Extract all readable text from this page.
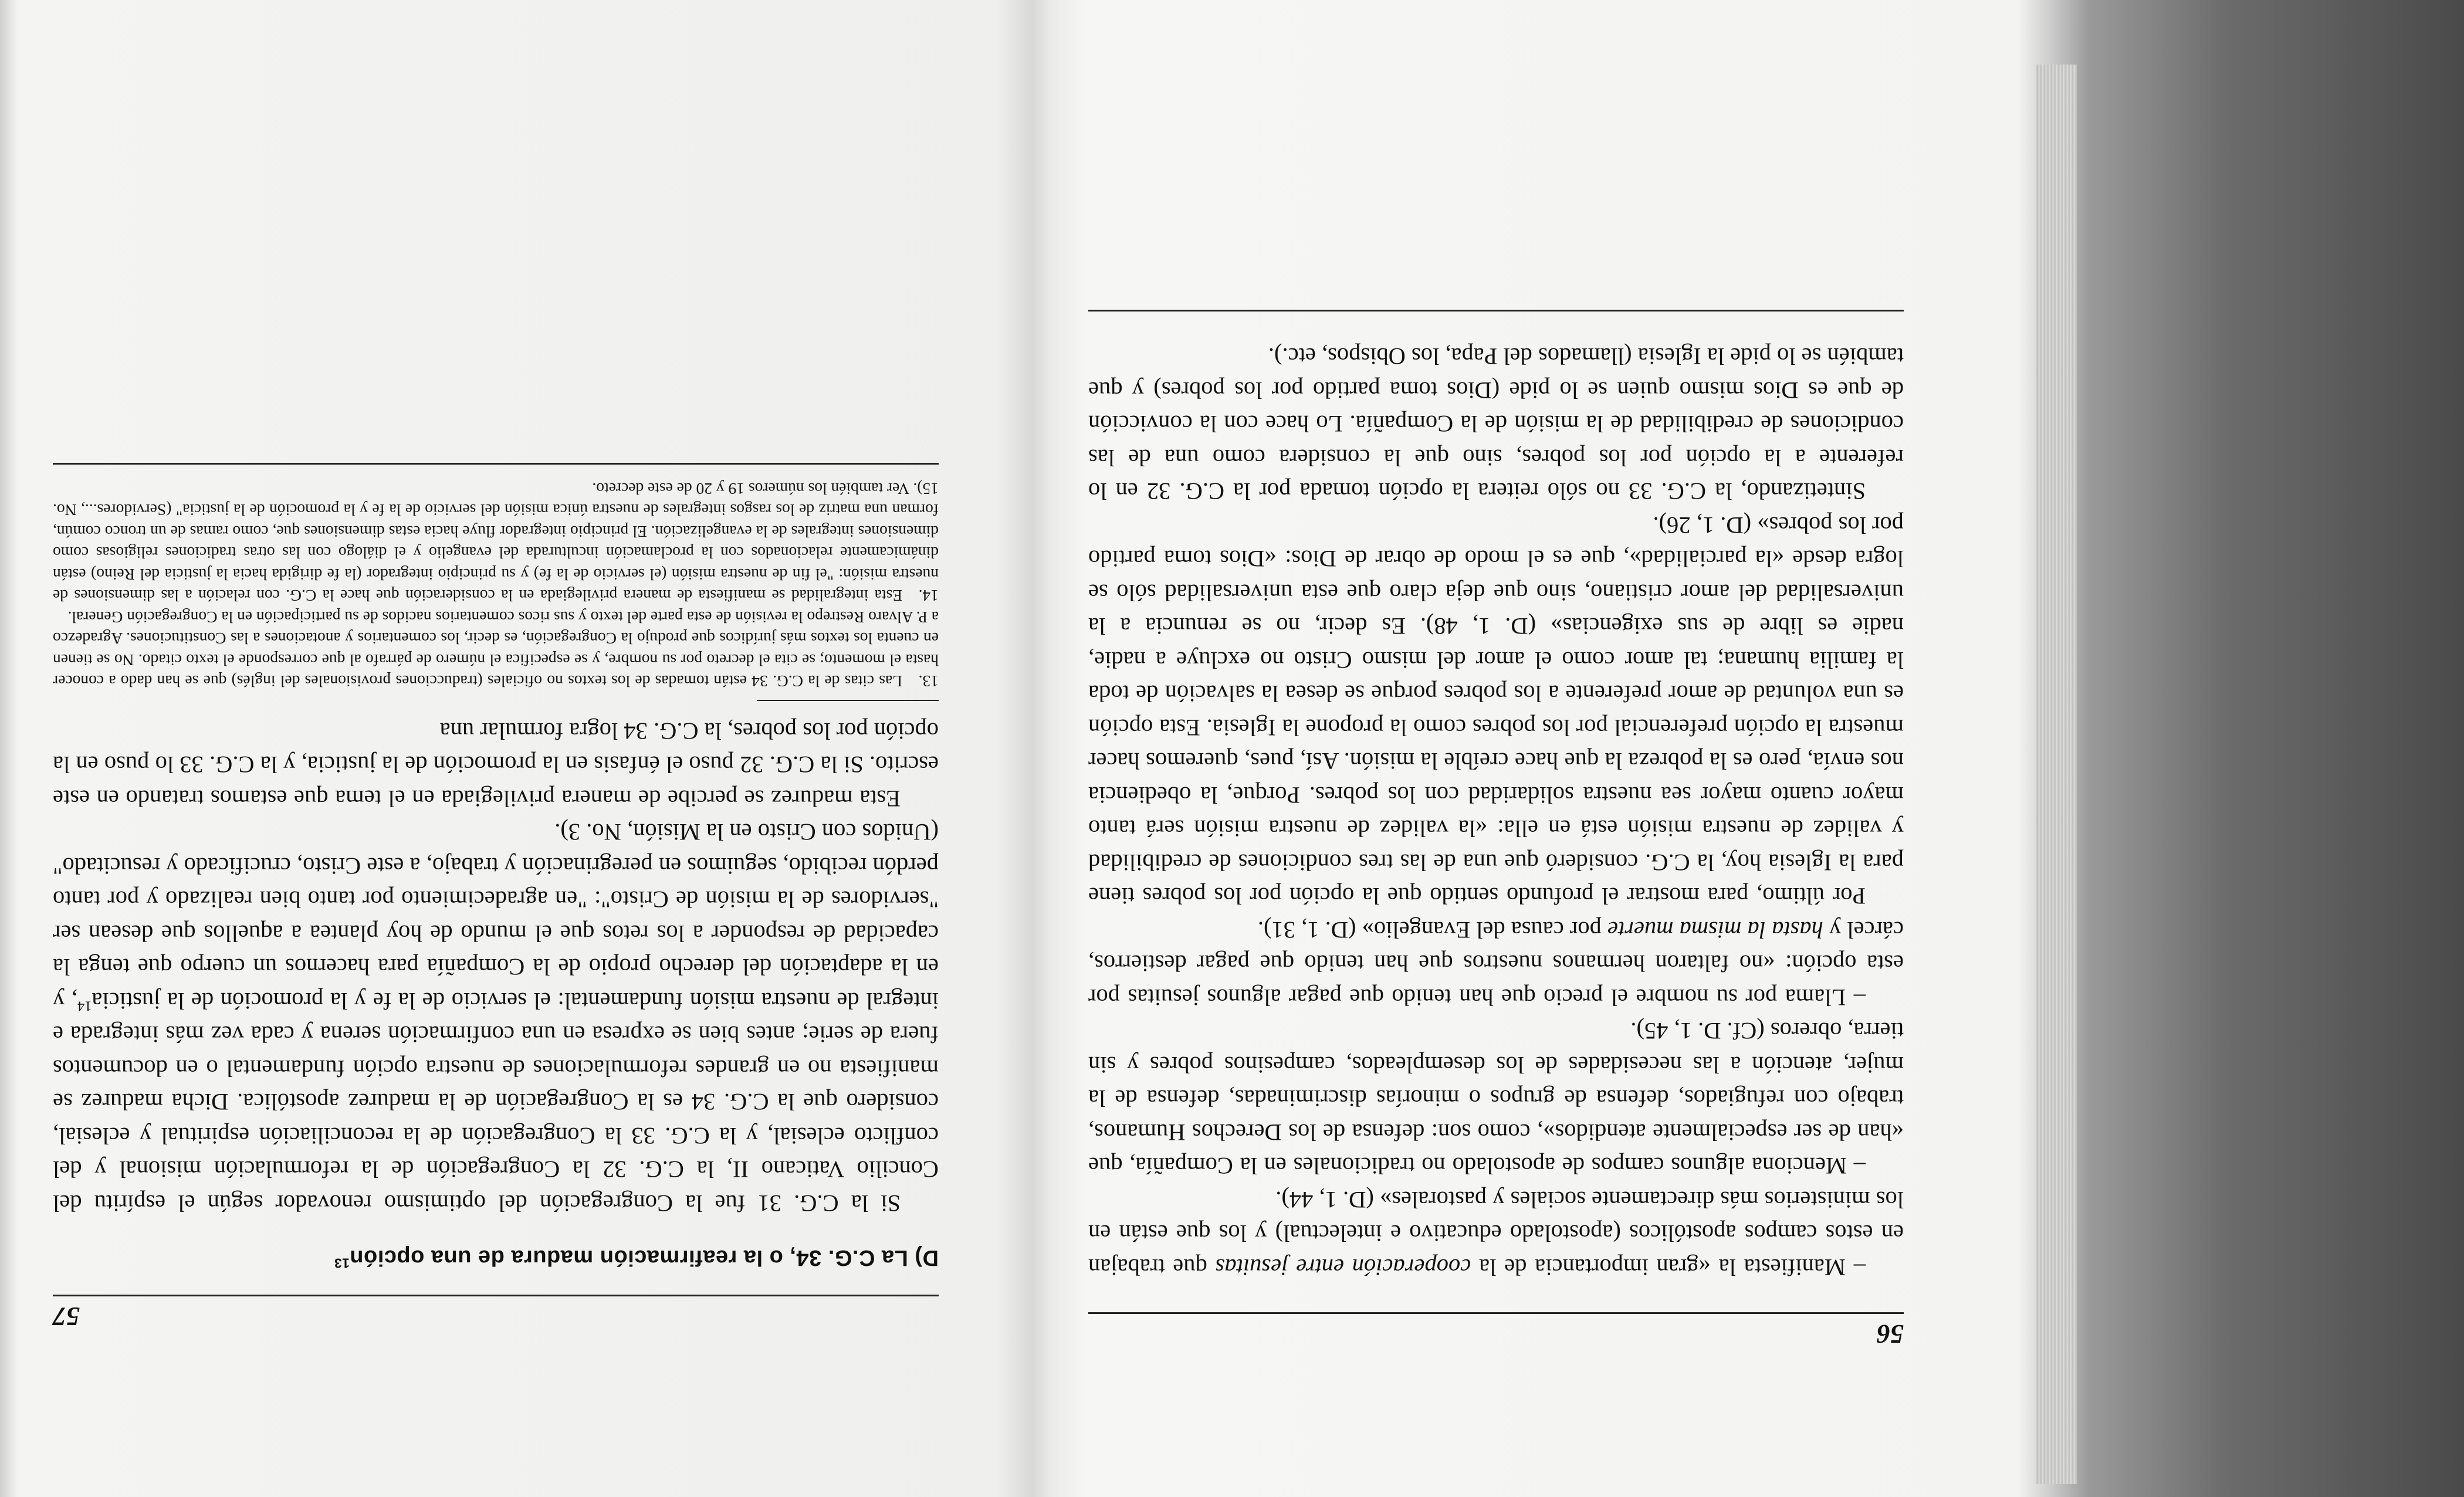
57
D) La C.G. 34, o la reafirmación madura de una opción$^{13}$

Si la C.G. 31 fue la Congregación del optimismo renovador según el espíritu del Concilio Vaticano II, la C.G. 32 la Congregación de la reformulación misional y del conflicto eclesial, y la C.G. 33 la Congregación de la reconciliación espiritual y eclesial, considero que la C.G. 34 es la Congregación de la madurez apostólica. Dicha madurez se manifiesta no en grandes reformulaciones de nuestra opción fundamental o en documentos fuera de serie; antes bien se expresa en una confirmación serena y cada vez más integrada e integral de nuestra misión fundamental: el servicio de la fe y la promoción de la justicia$^{14}$, y en la adaptación del derecho propio de la Compañía para hacernos un cuerpo que tenga la capacidad de responder a los retos que el mundo de hoy plantea a aquellos que desean ser "servidores de la misión de Cristo": "en agradecimiento por tanto bien realizado y por tanto perdón recibido, seguimos en peregrinación y trabajo, a este Cristo, crucificado y resucitado" (Unidos con Cristo en la Misión, No. 3).

Esta madurez se percibe de manera privilegiada en el tema que estamos tratando en este escrito. Si la C.G. 32 puso el énfasis en la promoción de la justicia, y la C.G. 33 lo puso en la opción por los pobres, la C.G. 34 logra formular una

13.Las citas de la C.G. 34 están tomadas de los textos no oficiales (traducciones provisionales del inglés) que se han dado a conocer hasta el momento; se cita el decreto por su nombre, y se especifica el número de párrafo al que corresponde el texto citado. No se tienen en cuenta los textos más jurídicos que produjo la Congregación, es decir, los comentarios y anotaciones a las Constituciones. Agradezco a P. Alvaro Restrepo la revisión de esta parte del texto y sus ricos comentarios nacidos de su participación en la Congregación General.

14.Esta integralidad se manifiesta de manera privilegiada en la consideración que hace la C.G. con relación a las dimensiones de nuestra misión: "el fin de nuestra misión (el servicio de la fe) y su principio integrador (la fe dirigida hacia la justicia del Reino) están dinámicamente relacionados con la proclamación inculturada del evangelio y el diálogo con las otras tradiciones religiosas como dimensiones integrales de la evangelización. El principio integrador fluye hacia estas dimensiones que, como ramas de un tronco común, forman una matriz de los rasgos integrales de nuestra única misión del servicio de la fe y la promoción de la justicia" (Servidores..., No. 15). Ver también los números 19 y 20 de este decreto.

56

– Manifiesta la «gran importancia de la cooperación entre jesuitas que trabajan en estos campos apostólicos (apostolado educativo e intelectual) y los que están en los ministerios más directamente sociales y pastorales» (D. 1, 44).

– Menciona algunos campos de apostolado no tradicionales en la Compañía, que «han de ser especialmente atendidos», como son: defensa de los Derechos Humanos, trabajo con refugiados, defensa de grupos o minorías discriminadas, defensa de la mujer, atención a las necesidades de los desempleados, campesinos pobres y sin tierra, obreros (Cf. D. 1, 45).

– Llama por su nombre el precio que han tenido que pagar algunos jesuitas por esta opción: «no faltaron hermanos nuestros que han tenido que pagar destierros, cárcel y hasta la misma muerte por causa del Evangelio» (D. 1, 31).

Por último, para mostrar el profundo sentido que la opción por los pobres tiene para la Iglesia hoy, la C.G. consideró que una de las tres condiciones de credibilidad y validez de nuestra misión está en ella: «la validez de nuestra misión será tanto mayor cuanto mayor sea nuestra solidaridad con los pobres. Porque, la obediencia nos envía, pero es la pobreza la que hace creíble la misión. Así, pues, queremos hacer muestra la opción preferencial por los pobres como la propone la Iglesia. Esta opción es una voluntad de amor preferente a los pobres porque se desea la salvación de toda la familia humana; tal amor como el amor del mismo Cristo no excluye a nadie, nadie es libre de sus exigencias» (D. 1, 48). Es decir, no se renuncia a la universalidad del amor cristiano, sino que deja claro que esta universalidad sólo se logra desde «la parcialidad», que es el modo de obrar de Dios: «Dios toma partido por los pobres» (D. 1, 26).

Sintetizando, la C.G. 33 no sólo reitera la opción tomada por la C.G. 32 en lo referente a la opción por los pobres, sino que la considera como una de las condiciones de credibilidad de la misión de la Compañía. Lo hace con la convicción de que es Dios mismo quien se lo pide (Dios toma partido por los pobres) y que también se lo pide la Iglesia (llamados del Papa, los Obispos, etc.).
